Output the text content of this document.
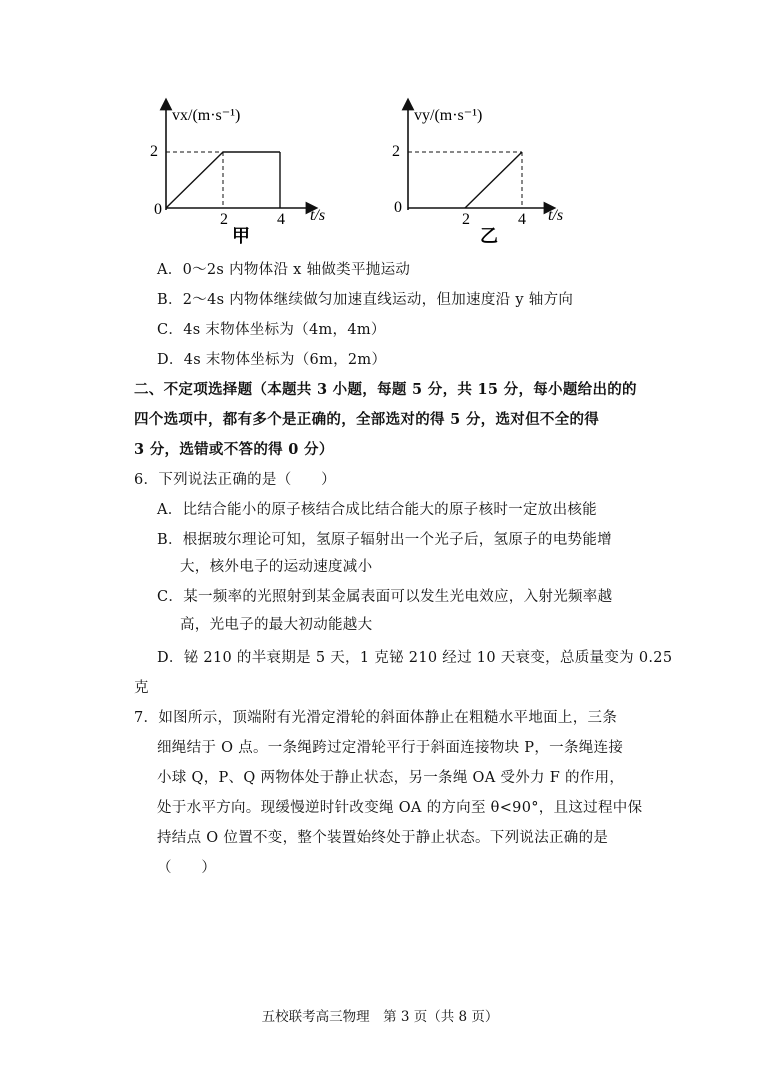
vx/(m·s⁻¹)
t/s
0
2
2	4
甲
vy/(m·s⁻¹)
t/s
0
2
2	4
乙
A．0～2s 内物体沿 x 轴做类平抛运动
B．2～4s 内物体继续做匀加速直线运动，但加速度沿 y 轴方向
C．4s 末物体坐标为（4m，4m）
D．4s 末物体坐标为（6m，2m）
二、不定项选择题（本题共 3 小题，每题 5 分，共 15 分，每小题给出的的
四个选项中，都有多个是正确的，全部选对的得 5 分，选对但不全的得
3 分，选错或不答的得 0 分）
6．下列说法正确的是（　　）
A．比结合能小的原子核结合成比结合能大的原子核时一定放出核能
B．根据玻尔理论可知，氢原子辐射出一个光子后，氢原子的电势能增
大，核外电子的运动速度减小
C．某一频率的光照射到某金属表面可以发生光电效应，入射光频率越
高，光电子的最大初动能越大
D．铋 210 的半衰期是 5 天，1 克铋 210 经过 10 天衰变，总质量变为 0.25
克
7．如图所示，顶端附有光滑定滑轮的斜面体静止在粗糙水平地面上，三条
细绳结于 O 点。一条绳跨过定滑轮平行于斜面连接物块 P，一条绳连接
小球 Q，P、Q 两物体处于静止状态，另一条绳 OA 受外力 F 的作用，
处于水平方向。现缓慢逆时针改变绳 OA 的方向至 θ<90°，且这过程中保
持结点 O 位置不变，整个装置始终处于静止状态。下列说法正确的是
（　　）
五校联考高三物理　第 3 页（共 8 页）
